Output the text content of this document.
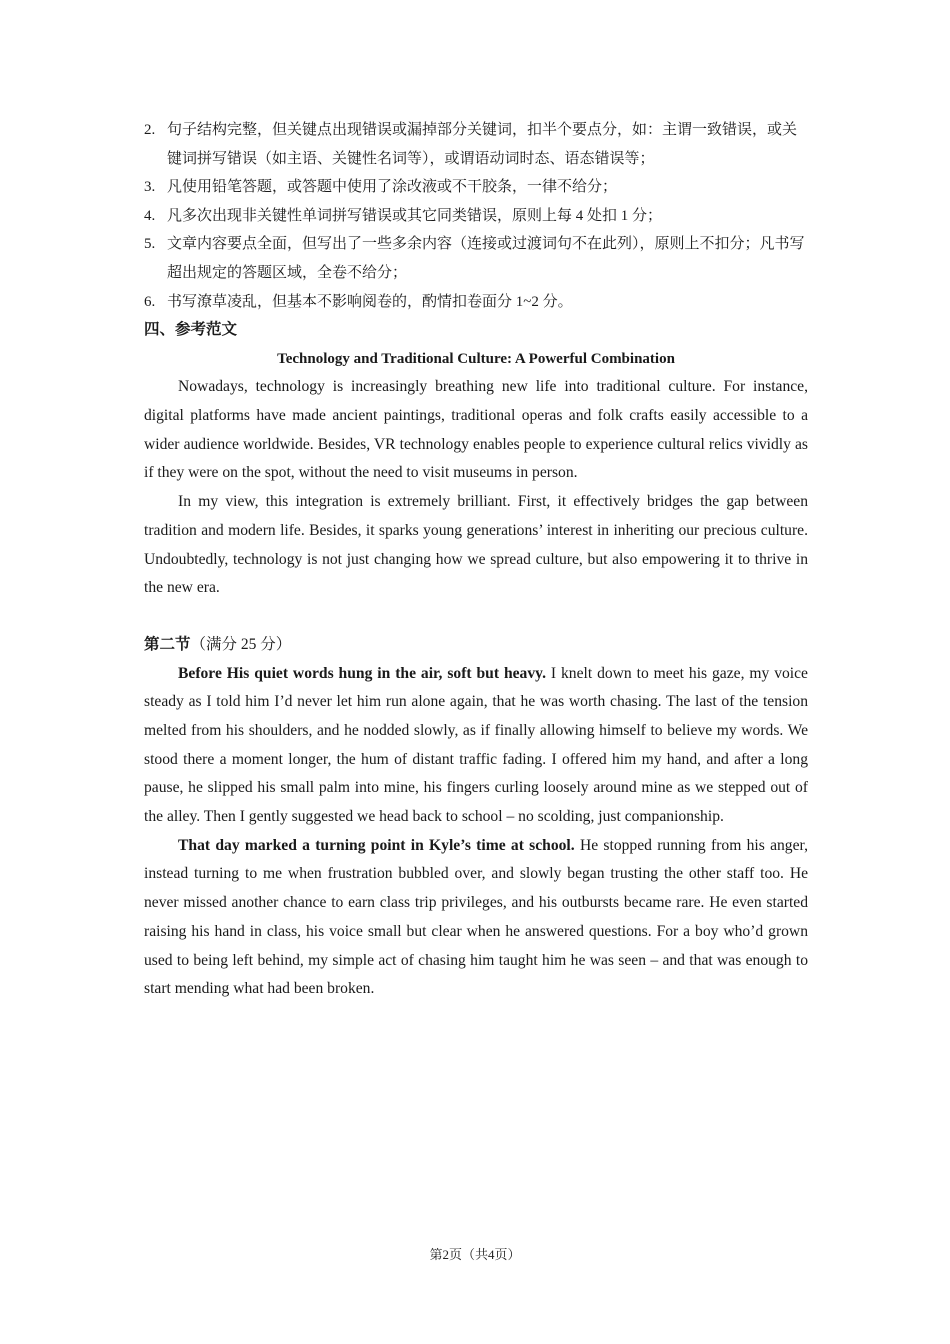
2. 句子结构完整，但关键点出现错误或漏掉部分关键词，扣半个要点分，如：主谓一致错误，或关键词拼写错误（如主语、关键性名词等），或谓语动词时态、语态错误等；
3. 凡使用铅笔答题，或答题中使用了涂改液或不干胶条，一律不给分；
4. 凡多次出现非关键性单词拼写错误或其它同类错误，原则上每 4 处扣 1 分；
5. 文章内容要点全面，但写出了一些多余内容（连接或过渡词句不在此列），原则上不扣分；凡书写超出规定的答题区域，全卷不给分；
6. 书写潦草凌乱，但基本不影响阅卷的，酌情扣卷面分 1~2 分。
四、参考范文
Technology and Traditional Culture: A Powerful Combination

Nowadays, technology is increasingly breathing new life into traditional culture. For instance, digital platforms have made ancient paintings, traditional operas and folk crafts easily accessible to a wider audience worldwide. Besides, VR technology enables people to experience cultural relics vividly as if they were on the spot, without the need to visit museums in person.

In my view, this integration is extremely brilliant. First, it effectively bridges the gap between tradition and modern life. Besides, it sparks young generations’ interest in inheriting our precious culture. Undoubtedly, technology is not just changing how we spread culture, but also empowering it to thrive in the new era.

第二节（满分 25 分）

Before His quiet words hung in the air, soft but heavy. I knelt down to meet his gaze, my voice steady as I told him I’d never let him run alone again, that he was worth chasing. The last of the tension melted from his shoulders, and he nodded slowly, as if finally allowing himself to believe my words. We stood there a moment longer, the hum of distant traffic fading. I offered him my hand, and after a long pause, he slipped his small palm into mine, his fingers curling loosely around mine as we stepped out of the alley. Then I gently suggested we head back to school – no scolding, just companionship.

That day marked a turning point in Kyle’s time at school. He stopped running from his anger, instead turning to me when frustration bubbled over, and slowly began trusting the other staff too. He never missed another chance to earn class trip privileges, and his outbursts became rare. He even started raising his hand in class, his voice small but clear when he answered questions. For a boy who’d grown used to being left behind, my simple act of chasing him taught him he was seen – and that was enough to start mending what had been broken.

第2页（共4页）
